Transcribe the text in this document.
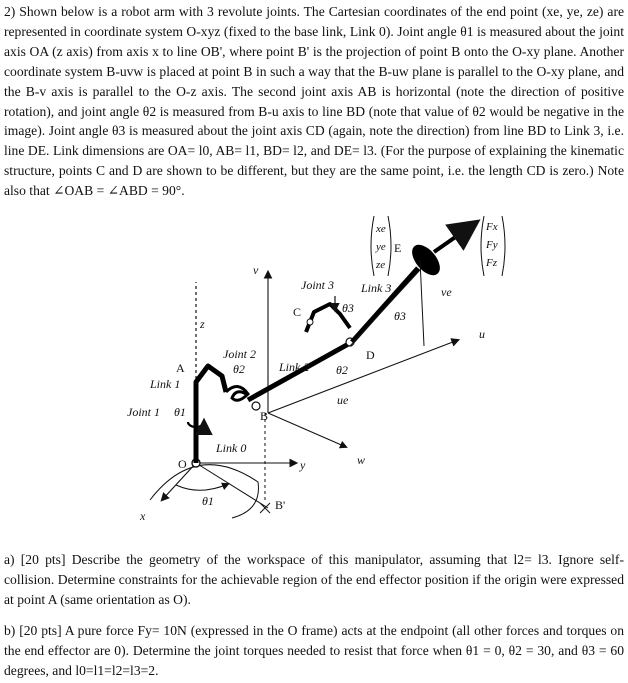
2) Shown below is a robot arm with 3 revolute joints. The Cartesian coordinates of the end point (xe, ye, ze) are represented in coordinate system O-xyz (fixed to the base link, Link 0). Joint angle θ1 is measured about the joint axis OA (z axis) from axis x to line OB', where point B' is the projection of point B onto the O-xy plane. Another coordinate system B-uvw is placed at point B in such a way that the B-uw plane is parallel to the O-xy plane, and the B-v axis is parallel to the O-z axis. The second joint axis AB is horizontal (note the direction of positive rotation), and joint angle θ2 is measured from B-u axis to line BD (note that value of θ2 would be negative in the image). Joint angle θ3 is measured about the joint axis CD (again, note the direction) from line BD to Link 3, i.e. line DE. Link dimensions are OA= l0, AB= l1, BD= l2, and DE= l3. (For the purpose of explaining the kinematic structure, points C and D are shown to be different, but they are the same point, i.e. the length CD is zero.) Note also that ∠OAB = ∠ABD = 90°.

θ1
O
x
y
z
B'
Link 0
v
u
w
ue
A
Link 1
B
Link 2
C
D
Link 3	ve
E
Joint 1 θ1
Joint 2
θ2	θ2
Joint 3
θ3
θ3
xe
ye
ze
Fx
Fy
Fz

a) [20 pts] Describe the geometry of the workspace of this manipulator, assuming that l2= l3. Ignore self-collision. Determine constraints for the achievable region of the end effector position if the origin were expressed at point A (same orientation as O).

b) [20 pts] A pure force Fy= 10N (expressed in the O frame) acts at the endpoint (all other forces and torques on the end effector are 0). Determine the joint torques needed to resist that force when θ1 = 0, θ2 = 30, and θ3 = 60 degrees, and l0=l1=l2=l3=2.
